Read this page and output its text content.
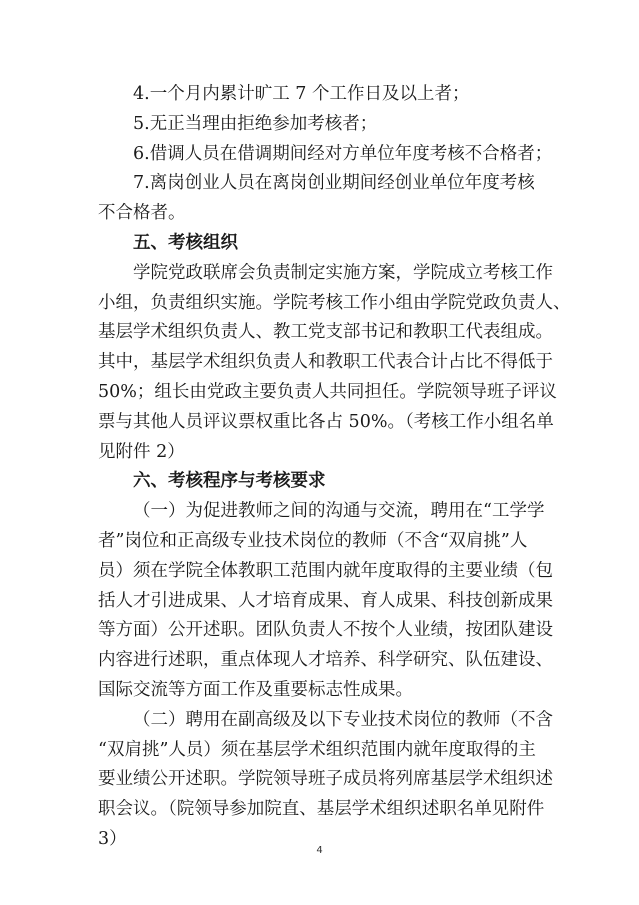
4.一个月内累计旷工 7 个工作日及以上者；
5.无正当理由拒绝参加考核者；
6.借调人员在借调期间经对方单位年度考核不合格者；
7.离岗创业人员在离岗创业期间经创业单位年度考核
不合格者。
五、考核组织
学院党政联席会负责制定实施方案，学院成立考核工作
小组，负责组织实施。学院考核工作小组由学院党政负责人、
基层学术组织负责人、教工党支部书记和教职工代表组成。
其中，基层学术组织负责人和教职工代表合计占比不得低于
50%；组长由党政主要负责人共同担任。学院领导班子评议
票与其他人员评议票权重比各占 50%。（考核工作小组名单
见附件 2）
六、考核程序与考核要求
（一）为促进教师之间的沟通与交流，聘用在“工学学
者”岗位和正高级专业技术岗位的教师（不含“双肩挑”人
员）须在学院全体教职工范围内就年度取得的主要业绩（包
括人才引进成果、人才培育成果、育人成果、科技创新成果
等方面）公开述职。团队负责人不按个人业绩，按团队建设
内容进行述职，重点体现人才培养、科学研究、队伍建设、
国际交流等方面工作及重要标志性成果。
（二）聘用在副高级及以下专业技术岗位的教师（不含
“双肩挑”人员）须在基层学术组织范围内就年度取得的主
要业绩公开述职。学院领导班子成员将列席基层学术组织述
职会议。（院领导参加院直、基层学术组织述职名单见附件
3）
4
